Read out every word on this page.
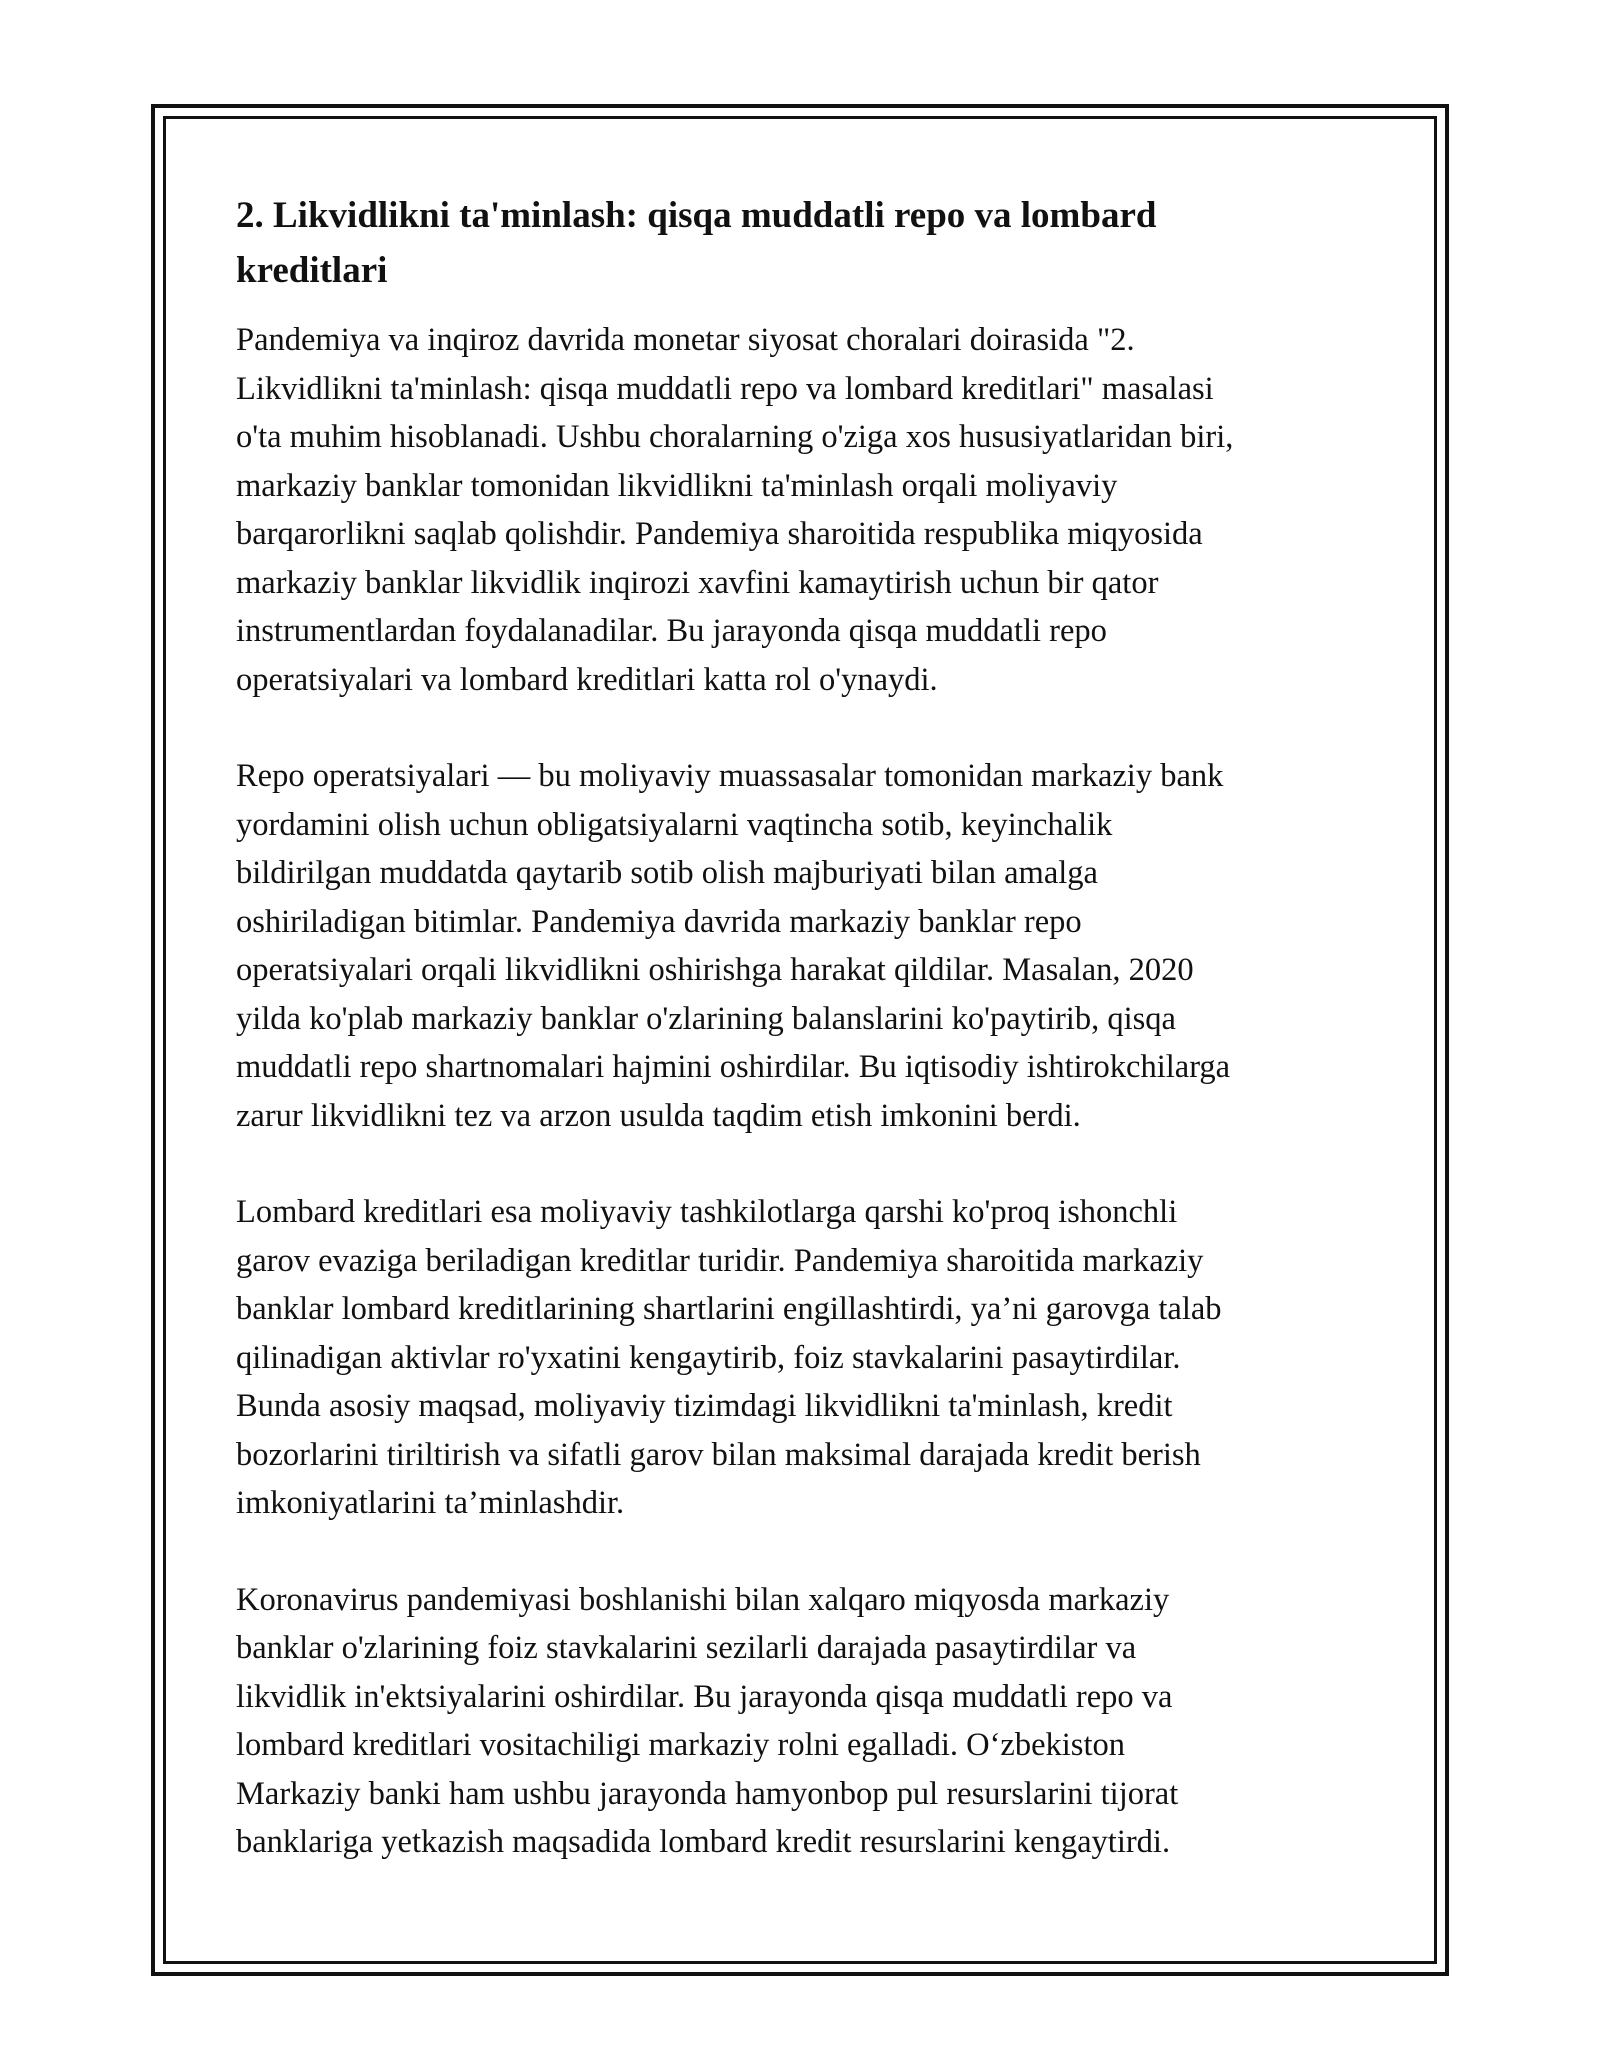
2. Likvidlikni ta'minlash: qisqa muddatli repo va lombard
kreditlari

Pandemiya va inqiroz davrida monetar siyosat choralari doirasida "2.
Likvidlikni ta'minlash: qisqa muddatli repo va lombard kreditlari" masalasi
o'ta muhim hisoblanadi. Ushbu choralarning o'ziga xos hususiyatlaridan biri,
markaziy banklar tomonidan likvidlikni ta'minlash orqali moliyaviy
barqarorlikni saqlab qolishdir. Pandemiya sharoitida respublika miqyosida
markaziy banklar likvidlik inqirozi xavfini kamaytirish uchun bir qator
instrumentlardan foydalanadilar. Bu jarayonda qisqa muddatli repo
operatsiyalari va lombard kreditlari katta rol o'ynaydi.

Repo operatsiyalari — bu moliyaviy muassasalar tomonidan markaziy bank
yordamini olish uchun obligatsiyalarni vaqtincha sotib, keyinchalik
bildirilgan muddatda qaytarib sotib olish majburiyati bilan amalga
oshiriladigan bitimlar. Pandemiya davrida markaziy banklar repo
operatsiyalari orqali likvidlikni oshirishga harakat qildilar. Masalan, 2020
yilda ko'plab markaziy banklar o'zlarining balanslarini ko'paytirib, qisqa
muddatli repo shartnomalari hajmini oshirdilar. Bu iqtisodiy ishtirokchilarga
zarur likvidlikni tez va arzon usulda taqdim etish imkonini berdi.

Lombard kreditlari esa moliyaviy tashkilotlarga qarshi ko'proq ishonchli
garov evaziga beriladigan kreditlar turidir. Pandemiya sharoitida markaziy
banklar lombard kreditlarining shartlarini engillashtirdi, ya’ni garovga talab
qilinadigan aktivlar ro'yxatini kengaytirib, foiz stavkalarini pasaytirdilar.
Bunda asosiy maqsad, moliyaviy tizimdagi likvidlikni ta'minlash, kredit
bozorlarini tiriltirish va sifatli garov bilan maksimal darajada kredit berish
imkoniyatlarini ta’minlashdir.

Koronavirus pandemiyasi boshlanishi bilan xalqaro miqyosda markaziy
banklar o'zlarining foiz stavkalarini sezilarli darajada pasaytirdilar va
likvidlik in'ektsiyalarini oshirdilar. Bu jarayonda qisqa muddatli repo va
lombard kreditlari vositachiligi markaziy rolni egalladi. O‘zbekiston
Markaziy banki ham ushbu jarayonda hamyonbop pul resurslarini tijorat
banklariga yetkazish maqsadida lombard kredit resurslarini kengaytirdi.
